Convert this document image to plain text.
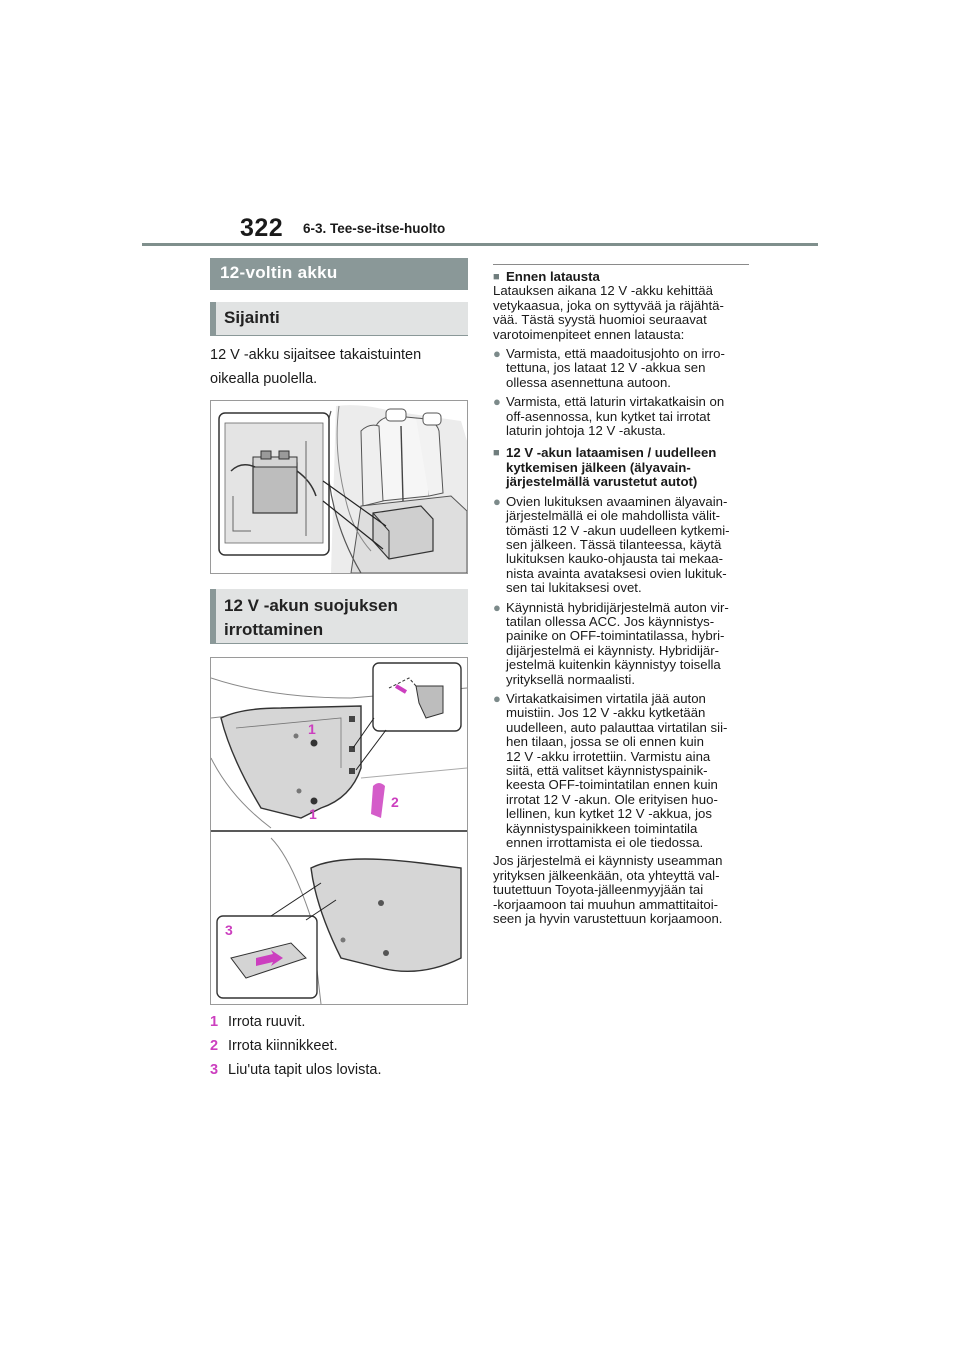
322 6-3. Tee-se-itse-huolto
12-voltin akku
Sijainti
12 V -akku sijaitsee takaistuinten
oikealla puolella.
12 V -akun suojuksen
irrottaminen
1
1
2
3
1 Irrota ruuvit.
2 Irrota kiinnikkeet.
3 Liu'uta tapit ulos lovista.
■ Ennen latausta
Latauksen aikana 12 V -akku kehittää
vetykaasua, joka on syttyvää ja räjähtä-
vää. Tästä syystä huomioi seuraavat
varotoimenpiteet ennen latausta:
● Varmista, että maadoitusjohto on irro-
tettuna, jos lataat 12 V -akkua sen
ollessa asennettuna autoon.
● Varmista, että laturin virtakatkaisin on
off-asennossa, kun kytket tai irrotat
laturin johtoja 12 V -akusta.
■ 12 V -akun lataamisen / uudelleen
kytkemisen jälkeen (älyavain-
järjestelmällä varustetut autot)
● Ovien lukituksen avaaminen älyavain-
järjestelmällä ei ole mahdollista välit-
tömästi 12 V -akun uudelleen kytkemi-
sen jälkeen. Tässä tilanteessa, käytä
lukituksen kauko-ohjausta tai mekaa-
nista avainta avataksesi ovien lukituk-
sen tai lukitaksesi ovet.
● Käynnistä hybridijärjestelmä auton vir-
tatilan ollessa ACC. Jos käynnistys-
painike on OFF-toimintatilassa, hybri-
dijärjestelmä ei käynnisty. Hybridijär-
jestelmä kuitenkin käynnistyy toisella
yrityksellä normaalisti.
● Virtakatkaisimen virtatila jää auton
muistiin. Jos 12 V -akku kytketään
uudelleen, auto palauttaa virtatilan sii-
hen tilaan, jossa se oli ennen kuin
12 V -akku irrotettiin. Varmistu aina
siitä, että valitset käynnistyspainik-
keesta OFF-toimintatilan ennen kuin
irrotat 12 V -akun. Ole erityisen huo-
lellinen, kun kytket 12 V -akkua, jos
käynnistyspainikkeen toimintatila
ennen irrottamista ei ole tiedossa.
Jos järjestelmä ei käynnisty useamman
yrityksen jälkeenkään, ota yhteyttä val-
tuutettuun Toyota-jälleenmyyjään tai
-korjaamoon tai muuhun ammattitaitoi-
seen ja hyvin varustettuun korjaamoon.
